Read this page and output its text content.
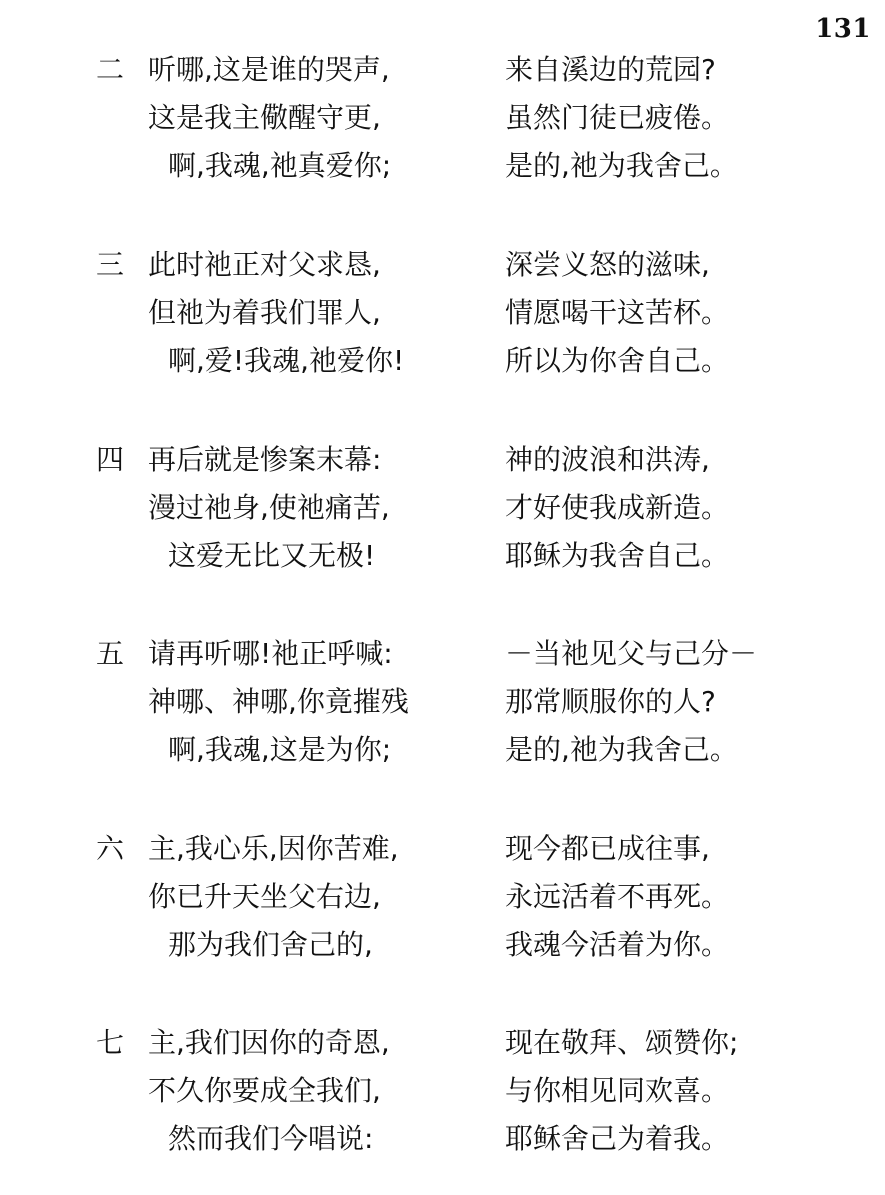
131
二 听哪,这是谁的哭声,	来自溪边的荒园?
这是我主儆醒守更,	虽然门徒已疲倦。
啊,我魂,祂真爱你;	是的,祂为我舍己。
三 此时祂正对父求恳,	深尝义怒的滋味,
但祂为着我们罪人,	情愿喝干这苦杯。
啊,爱!我魂,祂爱你!	所以为你舍自己。
四 再后就是惨案末幕:	神的波浪和洪涛,
漫过祂身,使祂痛苦,	才好使我成新造。
这爱无比又无极!	耶稣为我舍自己。
五 请再听哪!祂正呼喊:	－当祂见父与己分－
神哪、神哪,你竟摧残	那常顺服你的人?
啊,我魂,这是为你;	是的,祂为我舍己。
六 主,我心乐,因你苦难,	现今都已成往事,
你已升天坐父右边,	永远活着不再死。
那为我们舍己的,	我魂今活着为你。
七 主,我们因你的奇恩,	现在敬拜、颂赞你;
不久你要成全我们,	与你相见同欢喜。
然而我们今唱说:	耶稣舍己为着我。
